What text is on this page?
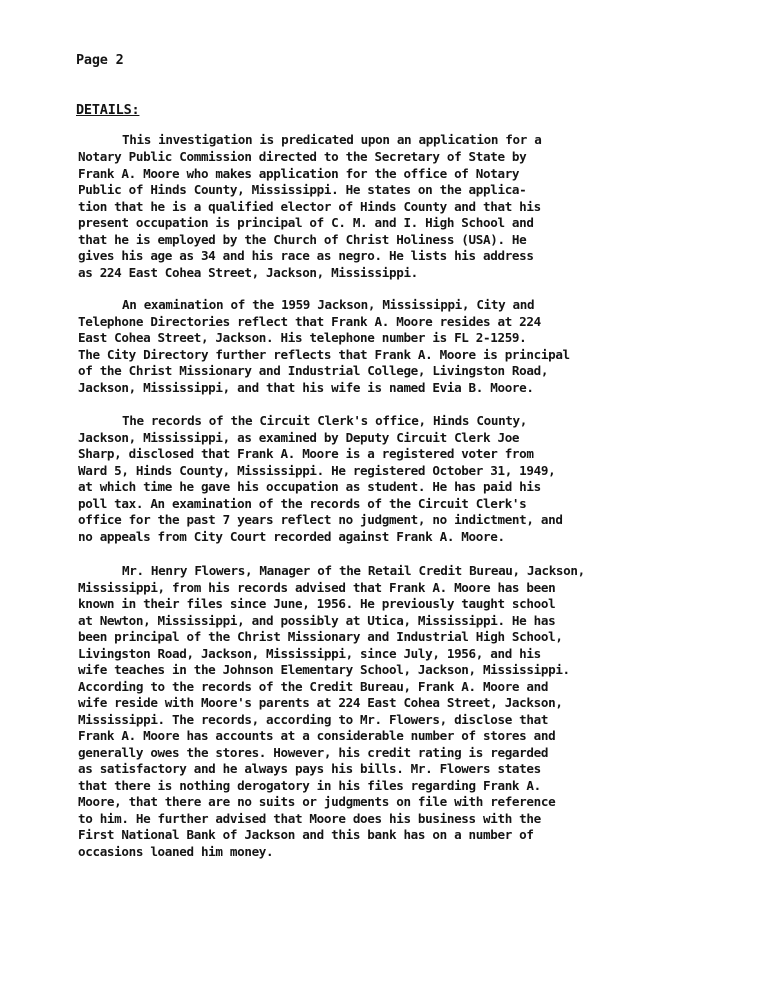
Page 2
DETAILS:
This investigation is predicated upon an application for a
Notary Public Commission directed to the Secretary of State by
Frank A. Moore who makes application for the office of Notary
Public of Hinds County, Mississippi. He states on the applica-
tion that he is a qualified elector of Hinds County and that his
present occupation is principal of C. M. and I. High School and
that he is employed by the Church of Christ Holiness (USA). He
gives his age as 34 and his race as negro. He lists his address
as 224 East Cohea Street, Jackson, Mississippi.
An examination of the 1959 Jackson, Mississippi, City and
Telephone Directories reflect that Frank A. Moore resides at 224
East Cohea Street, Jackson. His telephone number is FL 2-1259.
The City Directory further reflects that Frank A. Moore is principal
of the Christ Missionary and Industrial College, Livingston Road,
Jackson, Mississippi, and that his wife is named Evia B. Moore.
The records of the Circuit Clerk's office, Hinds County,
Jackson, Mississippi, as examined by Deputy Circuit Clerk Joe
Sharp, disclosed that Frank A. Moore is a registered voter from
Ward 5, Hinds County, Mississippi. He registered October 31, 1949,
at which time he gave his occupation as student. He has paid his
poll tax. An examination of the records of the Circuit Clerk's
office for the past 7 years reflect no judgment, no indictment, and
no appeals from City Court recorded against Frank A. Moore.
Mr. Henry Flowers, Manager of the Retail Credit Bureau, Jackson,
Mississippi, from his records advised that Frank A. Moore has been
known in their files since June, 1956. He previously taught school
at Newton, Mississippi, and possibly at Utica, Mississippi. He has
been principal of the Christ Missionary and Industrial High School,
Livingston Road, Jackson, Mississippi, since July, 1956, and his
wife teaches in the Johnson Elementary School, Jackson, Mississippi.
According to the records of the Credit Bureau, Frank A. Moore and
wife reside with Moore's parents at 224 East Cohea Street, Jackson,
Mississippi. The records, according to Mr. Flowers, disclose that
Frank A. Moore has accounts at a considerable number of stores and
generally owes the stores. However, his credit rating is regarded
as satisfactory and he always pays his bills. Mr. Flowers states
that there is nothing derogatory in his files regarding Frank A.
Moore, that there are no suits or judgments on file with reference
to him. He further advised that Moore does his business with the
First National Bank of Jackson and this bank has on a number of
occasions loaned him money.
